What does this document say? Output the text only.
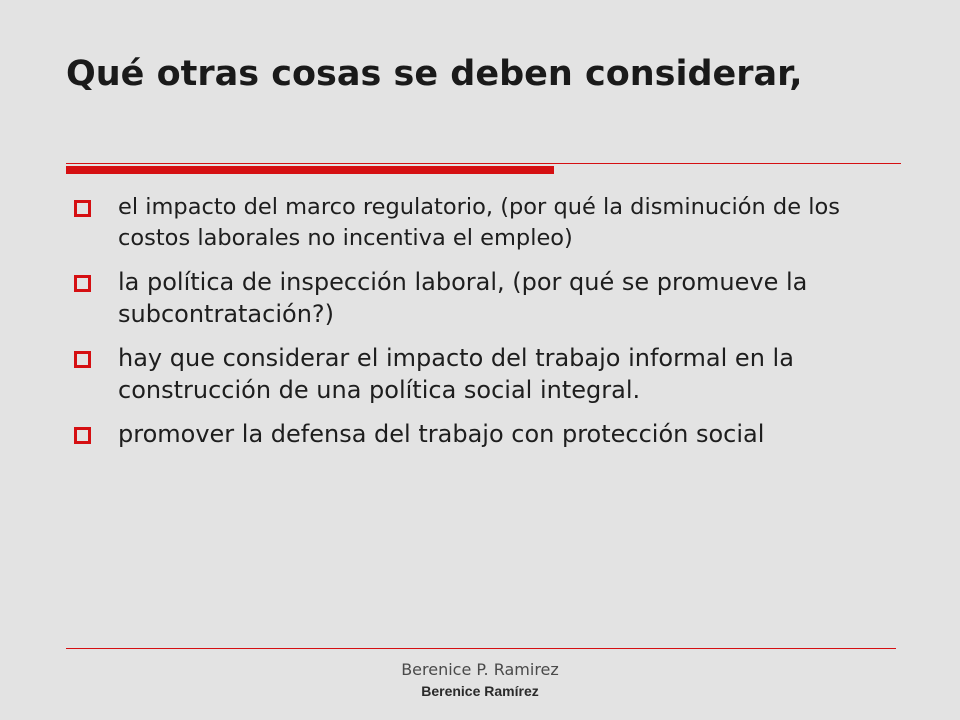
Qué otras cosas se deben considerar,
el impacto del marco regulatorio, (por qué la disminución de los costos laborales no incentiva el empleo)
la política de inspección laboral, (por qué se promueve la subcontratación?)
hay que considerar el impacto del trabajo informal en la construcción de una política social integral.
promover la defensa del trabajo con protección social
Berenice P. Ramirez
Berenice Ramírez
